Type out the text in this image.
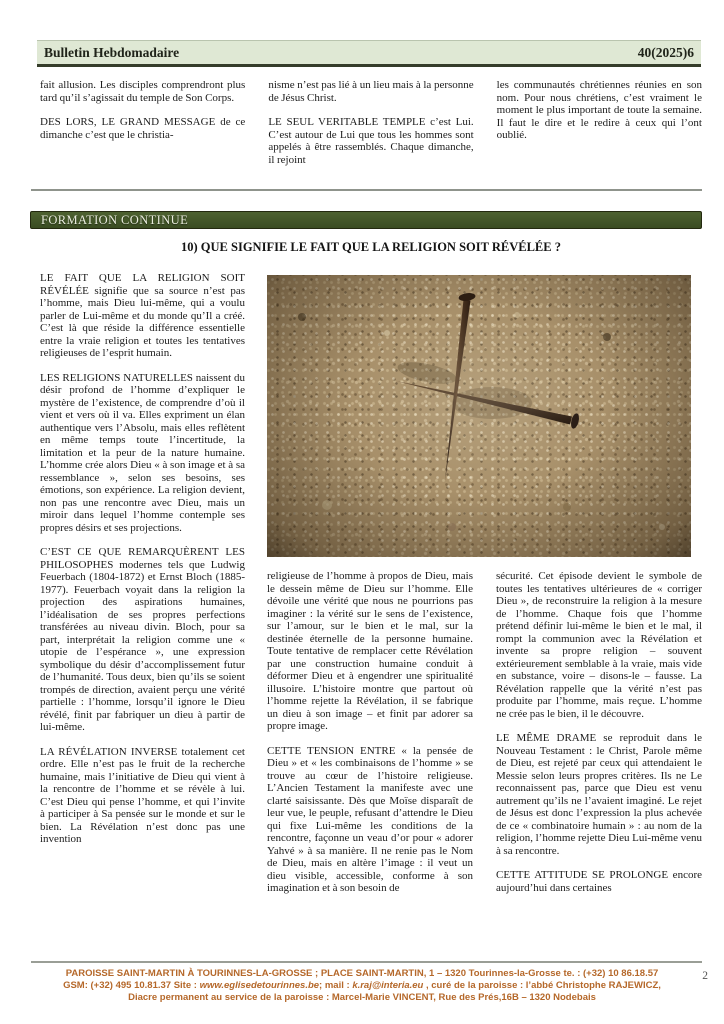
Bulletin Hebdomadaire	40(2025)6

fait allusion. Les disciples comprendront plus tard qu’il s’agissait du temple de Son Corps.

DES LORS, LE GRAND MESSAGE de ce dimanche c’est que le christia-

nisme n’est pas lié à un lieu mais à la personne de Jésus Christ.

LE SEUL VERITABLE TEMPLE c’est Lui. C’est autour de Lui que tous les hommes sont appelés à être rassemblés. Chaque dimanche, il rejoint

les communautés chrétiennes réunies en son nom. Pour nous chrétiens, c’est vraiment le moment le plus important de toute la semaine. Il faut le dire et le redire à ceux qui l’ont oublié.

FORMATION CONTINUE
10) QUE SIGNIFIE LE FAIT QUE LA RELIGION SOIT RÉVÉLÉE ?

LE FAIT QUE LA RELIGION SOIT RÉVÉLÉE signifie que sa source n’est pas l’homme, mais Dieu lui-même, qui a voulu parler de Lui-même et du monde qu’Il a créé. C’est là que réside la différence essentielle entre la vraie religion et toutes les tentatives religieuses de l’esprit humain.

LES RELIGIONS NATURELLES naissent du désir profond de l’homme d’expliquer le mystère de l’existence, de comprendre d’où il vient et vers où il va. Elles expriment un élan authentique vers l’Absolu, mais elles reflètent en même temps toute l’incertitude, la limitation et la peur de la nature humaine. L’homme crée alors Dieu « à son image et à sa ressemblance », selon ses besoins, ses émotions, son expérience. La religion devient, non pas une rencontre avec Dieu, mais un miroir dans lequel l’homme contemple ses propres désirs et ses projections.

C’EST CE QUE REMARQUÈRENT LES PHILOSOPHES modernes tels que Ludwig Feuerbach (1804-1872) et Ernst Bloch (1885-1977). Feuerbach voyait dans la religion la projection des aspirations humaines, l’idéalisation de ses propres perfections transférées au niveau divin. Bloch, pour sa part, interprétait la religion comme une « utopie de l’espérance », une expression symbolique du désir d’accomplissement futur de l’humanité. Tous deux, bien qu’ils se soient trompés de direction, avaient perçu une vérité partielle : l’homme, lorsqu’il ignore le Dieu révélé, finit par fabriquer un dieu à partir de lui-même.

LA RÉVÉLATION INVERSE totalement cet ordre. Elle n’est pas le fruit de la recherche humaine, mais l’initiative de Dieu qui vient à la rencontre de l’homme et se révèle à lui. C’est Dieu qui pense l’homme, et qui l’invite à participer à Sa pensée sur le monde et sur le bien. La Révélation n’est donc pas une invention

religieuse de l’homme à propos de Dieu, mais le dessein même de Dieu sur l’homme. Elle dévoile une vérité que nous ne pourrions pas imaginer : la vérité sur le sens de l’existence, sur l’amour, sur le bien et le mal, sur la destinée éternelle de la personne humaine. Toute tentative de remplacer cette Révélation par une construction humaine conduit à déformer Dieu et à engendrer une spiritualité illusoire. L’histoire montre que partout où l’homme rejette la Révélation, il se fabrique un dieu à son image – et finit par adorer sa propre image.

CETTE TENSION ENTRE « la pensée de Dieu » et « les combinaisons de l’homme » se trouve au cœur de l’histoire religieuse. L’Ancien Testament la manifeste avec une clarté saisissante. Dès que Moïse disparaît de leur vue, le peuple, refusant d’attendre le Dieu qui fixe Lui-même les conditions de la rencontre, façonne un veau d’or pour « adorer Yahvé » à sa manière. Il ne renie pas le Nom de Dieu, mais en altère l’image : il veut un dieu visible, accessible, conforme à son imagination et à son besoin de

sécurité. Cet épisode devient le symbole de toutes les tentatives ultérieures de « corriger Dieu », de reconstruire la religion à la mesure de l’homme. Chaque fois que l’homme prétend définir lui-même le bien et le mal, il rompt la communion avec la Révélation et invente sa propre religion – souvent extérieurement semblable à la vraie, mais vide en substance, voire – disons-le – fausse. La Révélation rappelle que la vérité n’est pas produite par l’homme, mais reçue. L’homme ne crée pas le bien, il le découvre.

LE MÊME DRAME se reproduit dans le Nouveau Testament : le Christ, Parole même de Dieu, est rejeté par ceux qui attendaient le Messie selon leurs propres critères. Ils ne Le reconnaissent pas, parce que Dieu est venu autrement qu’ils ne l’avaient imaginé. Le rejet de Jésus est donc l’expression la plus achevée de ce « combinatoire humain » : au nom de la religion, l’homme rejette Dieu Lui-même venu à sa rencontre.

CETTE ATTITUDE SE PROLONGE encore aujourd’hui dans certaines

PAROISSE SAINT-MARTIN À TOURINNES-LA-GROSSE ; PLACE SAINT-MARTIN, 1 – 1320 Tourinnes-la-Grosse te. : (+32) 10 86.18.57
GSM: (+32) 495 10.81.37 Site : www.eglisedetourinnes.be; mail : k.raj@interia.eu , curé de la paroisse : l’abbé Christophe RAJEWICZ,
Diacre permanent au service de la paroisse : Marcel-Marie VINCENT, Rue des Prés,16B – 1320 Nodebais
2
